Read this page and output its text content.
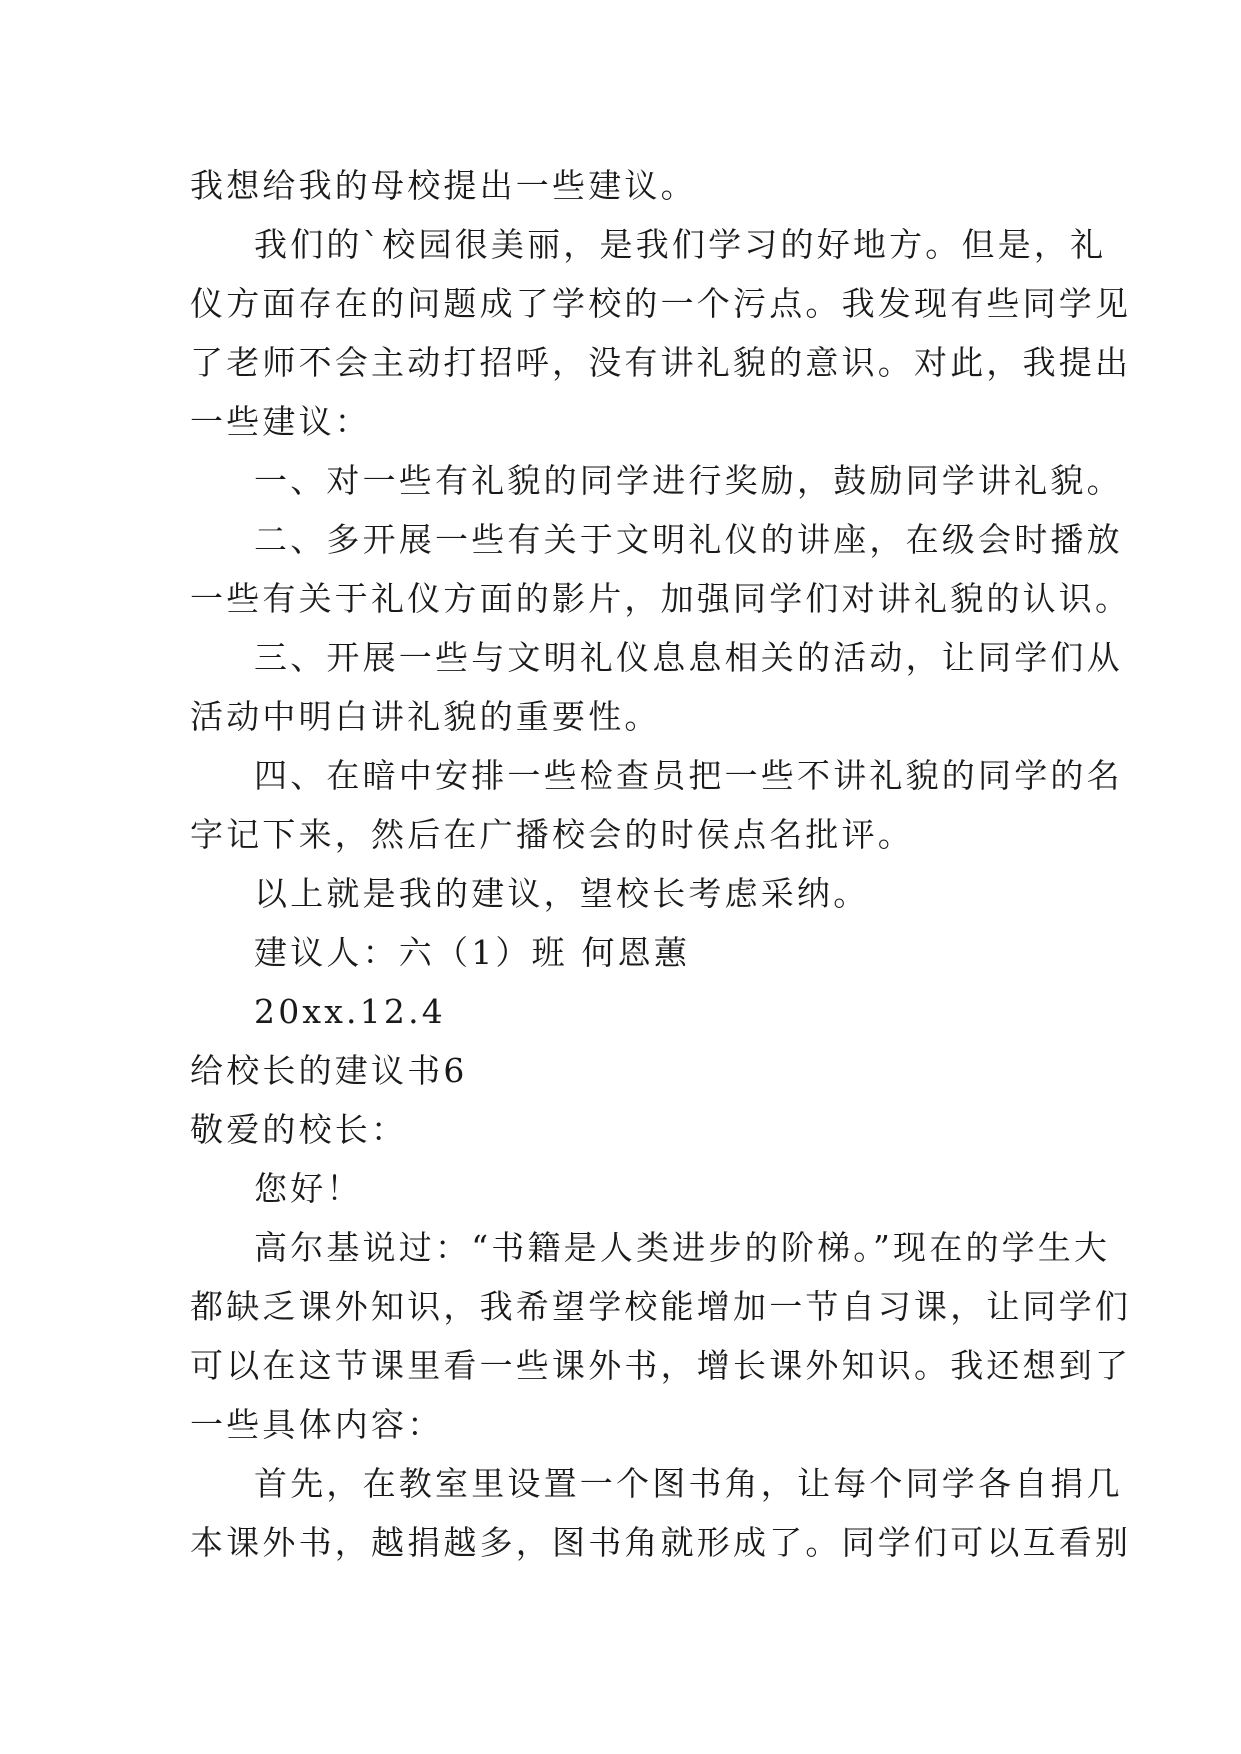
我想给我的母校提出一些建议。
我们的`校园很美丽，是我们学习的好地方。但是，礼
仪方面存在的问题成了学校的一个污点。我发现有些同学见
了老师不会主动打招呼，没有讲礼貌的意识。对此，我提出
一些建议：
一、对一些有礼貌的同学进行奖励，鼓励同学讲礼貌。
二、多开展一些有关于文明礼仪的讲座，在级会时播放
一些有关于礼仪方面的影片，加强同学们对讲礼貌的认识。
三、开展一些与文明礼仪息息相关的活动，让同学们从
活动中明白讲礼貌的重要性。
四、在暗中安排一些检查员把一些不讲礼貌的同学的名
字记下来，然后在广播校会的时侯点名批评。
以上就是我的建议，望校长考虑采纳。
建议人：六（1）班 何恩蕙
20xx.12.4
给校长的建议书6
敬爱的校长：
您好！
高尔基说过：“书籍是人类进步的阶梯。”现在的学生大
都缺乏课外知识，我希望学校能增加一节自习课，让同学们
可以在这节课里看一些课外书，增长课外知识。我还想到了
一些具体内容：
首先，在教室里设置一个图书角，让每个同学各自捐几
本课外书，越捐越多，图书角就形成了。同学们可以互看别
